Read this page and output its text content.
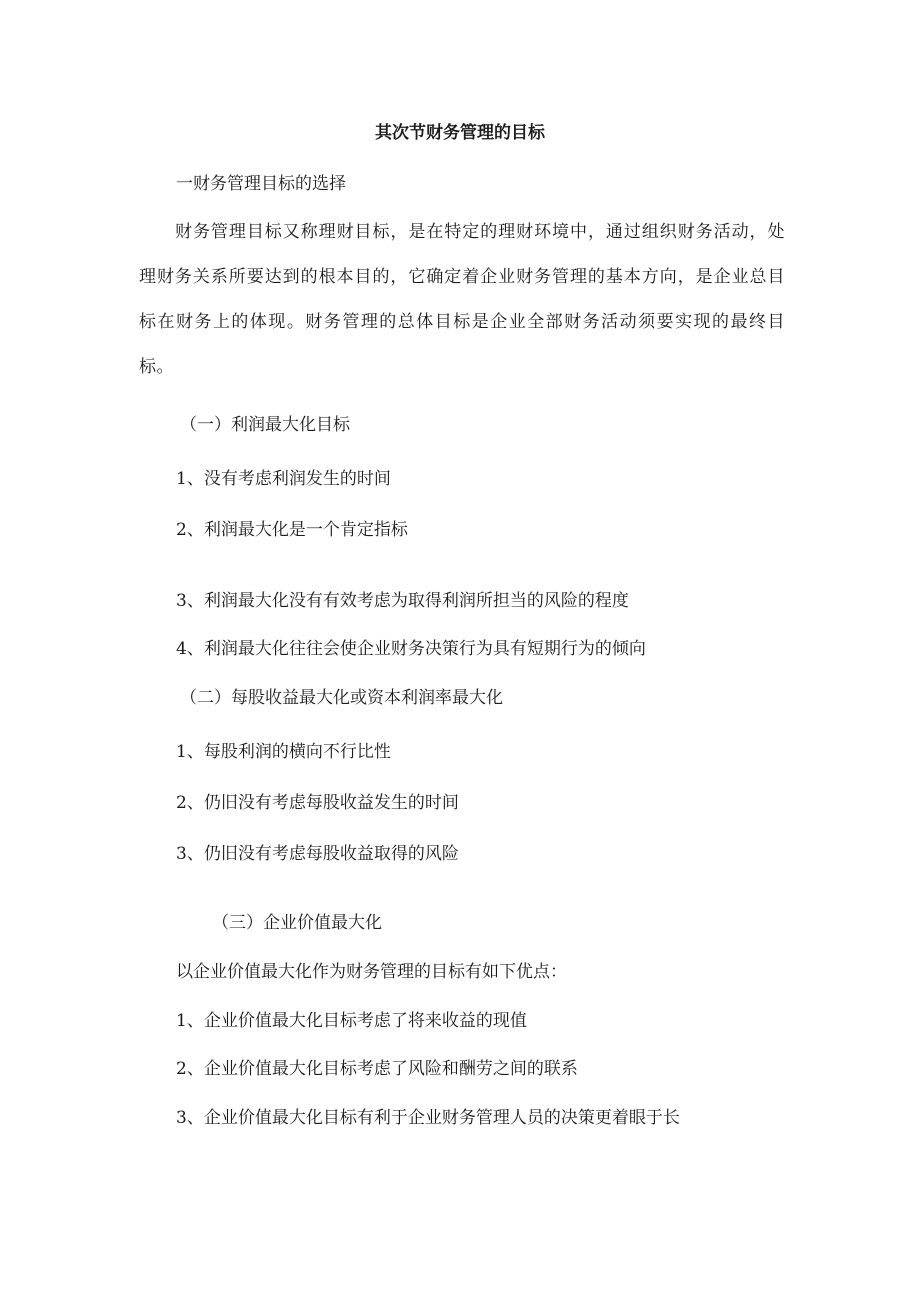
其次节财务管理的目标
一财务管理目标的选择
财务管理目标又称理财目标，是在特定的理财环境中，通过组织财务活动，处理财务关系所要达到的根本目的，它确定着企业财务管理的基本方向，是企业总目标在财务上的体现。财务管理的总体目标是企业全部财务活动须要实现的最终目标。
（一）利润最大化目标
1、没有考虑利润发生的时间
2、利润最大化是一个肯定指标
3、利润最大化没有有效考虑为取得利润所担当的风险的程度
4、利润最大化往往会使企业财务决策行为具有短期行为的倾向
（二）每股收益最大化或资本利润率最大化
1、每股利润的横向不行比性
2、仍旧没有考虑每股收益发生的时间
3、仍旧没有考虑每股收益取得的风险
（三）企业价值最大化
以企业价值最大化作为财务管理的目标有如下优点：
1、企业价值最大化目标考虑了将来收益的现值
2、企业价值最大化目标考虑了风险和酬劳之间的联系
3、企业价值最大化目标有利于企业财务管理人员的决策更着眼于长
